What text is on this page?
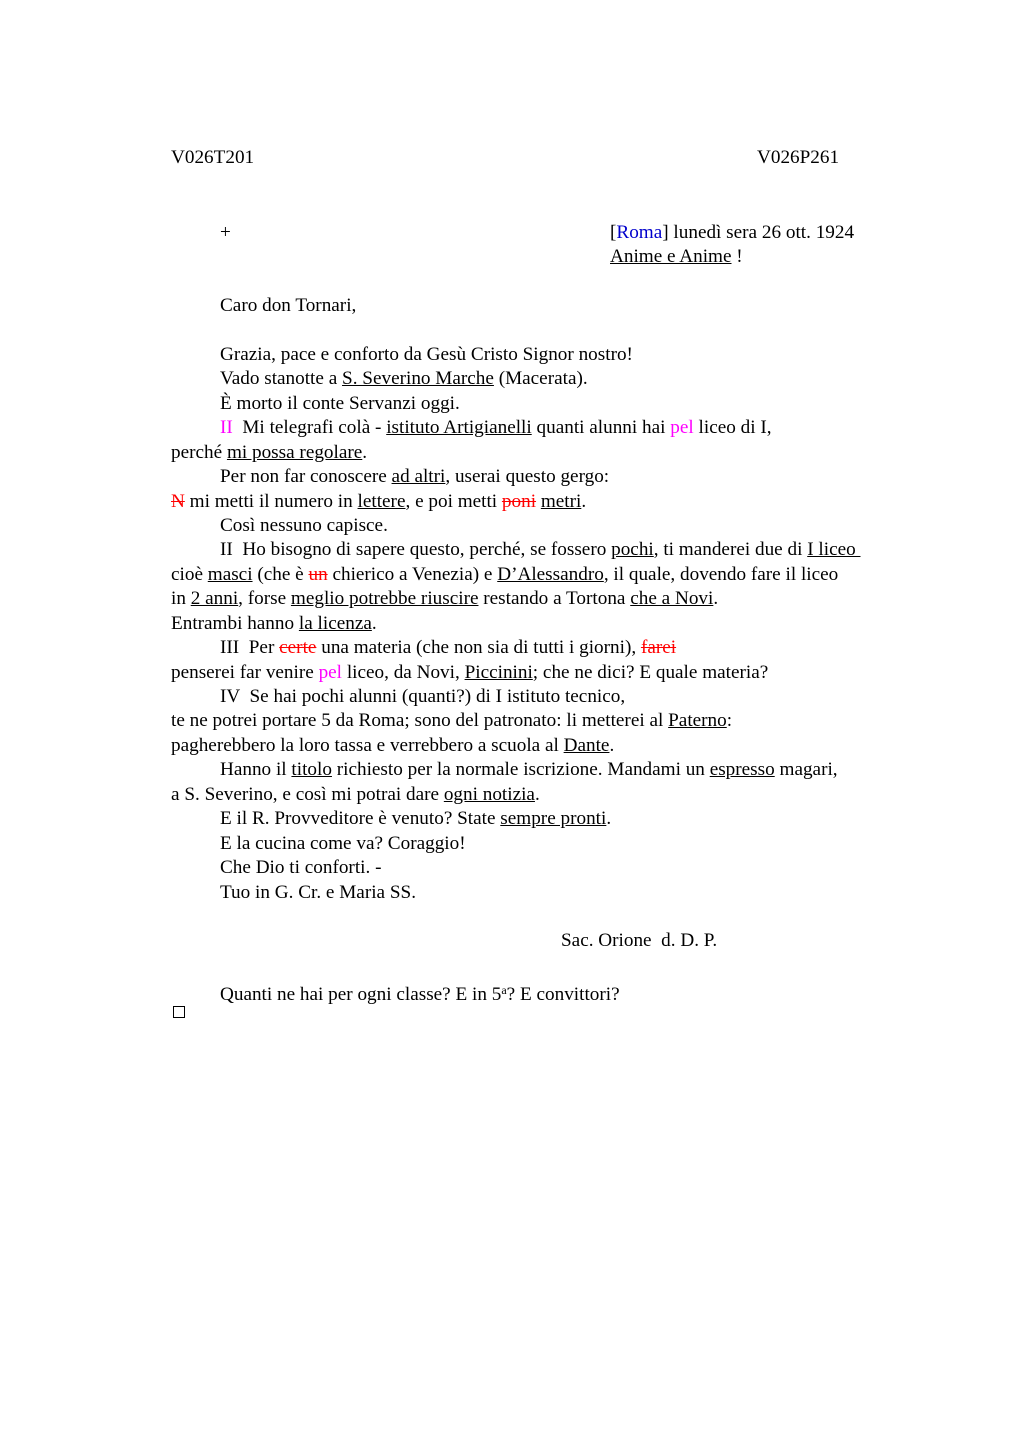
V026T201	V026P261
+	[Roma] lunedì sera 26 ott. 1924
Anime e Anime !
Caro don Tornari,
Grazia, pace e conforto da Gesù Cristo Signor nostro!
Vado stanotte a S. Severino Marche (Macerata).
È morto il conte Servanzi oggi.
II  Mi telegrafi colà - istituto Artigianelli quanti alunni hai pel liceo di I,
perché mi possa regolare.
Per non far conoscere ad altri, userai questo gergo:
N mi metti il numero in lettere, e poi metti poni metri.
Così nessuno capisce.
II  Ho bisogno di sapere questo, perché, se fossero pochi, ti manderei due di I liceo
cioè masci (che è un chierico a Venezia) e D’Alessandro, il quale, dovendo fare il liceo
in 2 anni, forse meglio potrebbe riuscire restando a Tortona che a Novi.
Entrambi hanno la licenza.
III  Per certe una materia (che non sia di tutti i giorni), farei
penserei far venire pel liceo, da Novi, Piccinini; che ne dici? E quale materia?
IV  Se hai pochi alunni (quanti?) di I istituto tecnico,
te ne potrei portare 5 da Roma; sono del patronato: li metterei al Paterno:
pagherebbero la loro tassa e verrebbero a scuola al Dante.
Hanno il titolo richiesto per la normale iscrizione. Mandami un espresso magari,
a S. Severino, e così mi potrai dare ogni notizia.
E il R. Provveditore è venuto? State sempre pronti.
E la cucina come va? Coraggio!
Che Dio ti conforti. -
Tuo in G. Cr. e Maria SS.
Sac. Orione  d. D. P.
Quanti ne hai per ogni classe? E in 5$^a$? E convittori?
